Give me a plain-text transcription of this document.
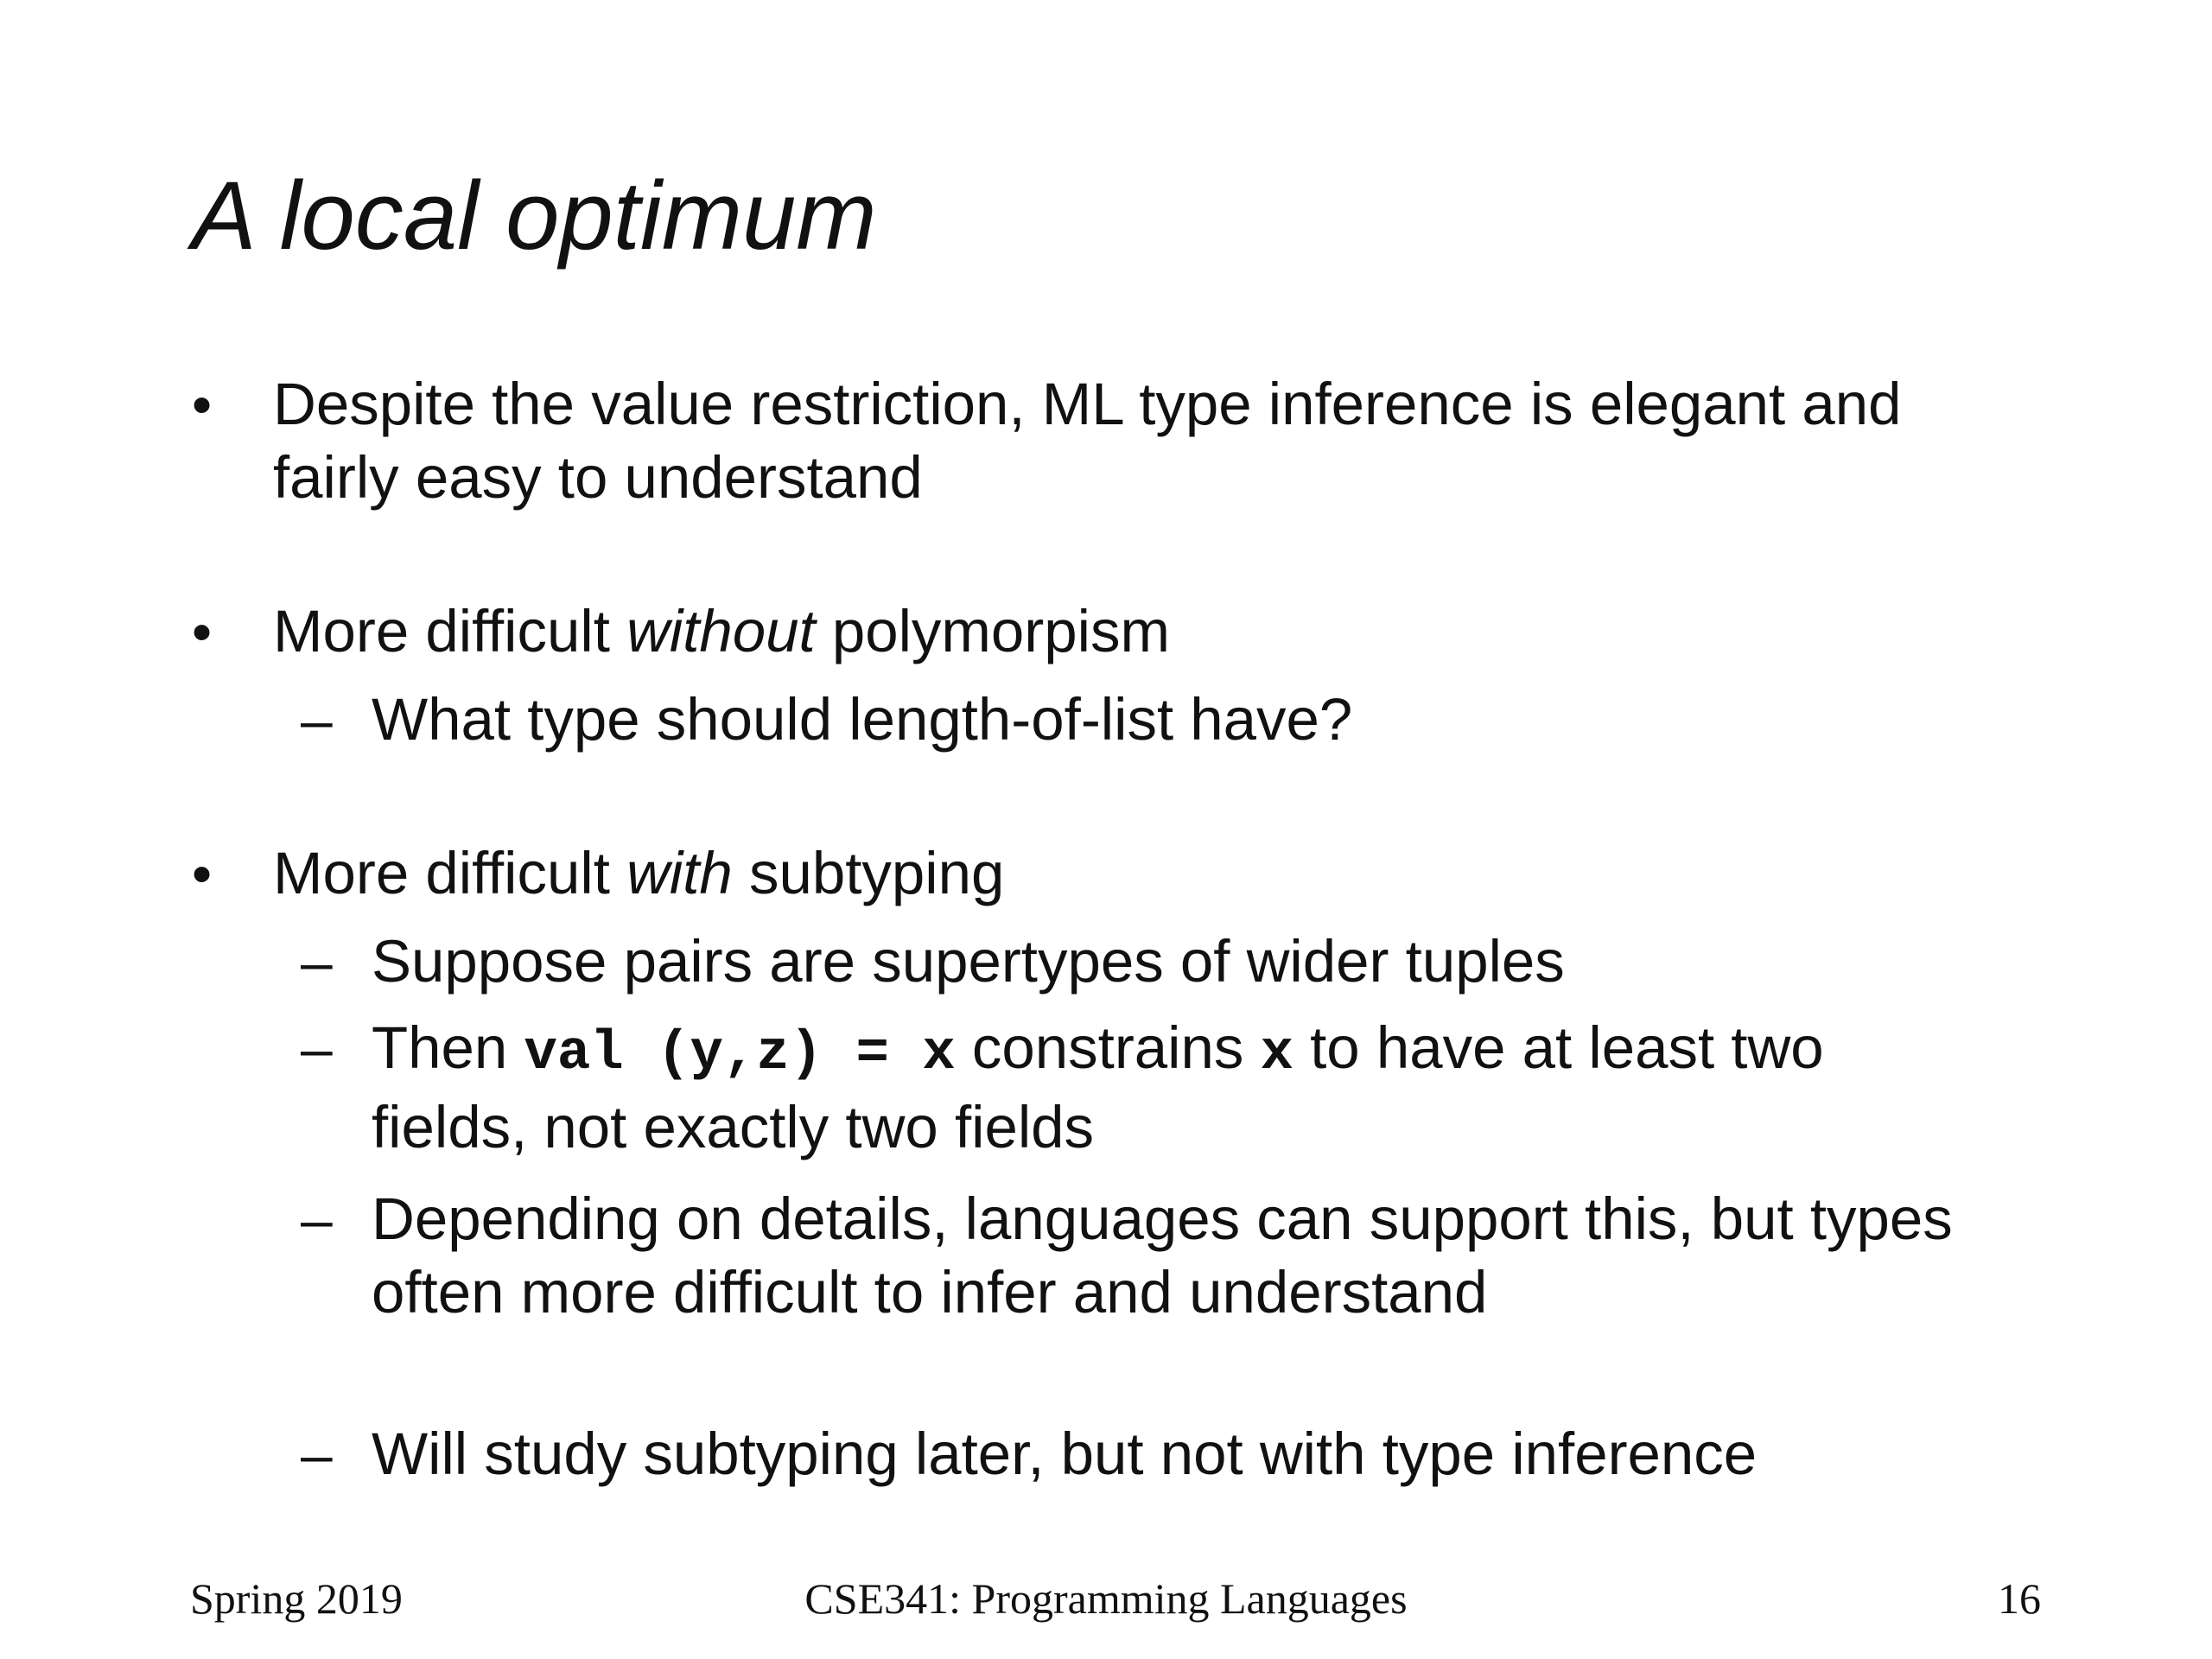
A local optimum
• Despite the value restriction, ML type inference is elegant and

fairly easy to understand

• More difficult without polymorpism

– What type should length-of-list have?

• More difficult with subtyping

– Suppose pairs are supertypes of wider tuples

– Then val (y,z) = x constrains x to have at least two

fields, not exactly two fields

– Depending on details, languages can support this, but types

often more difficult to infer and understand

– Will study subtyping later, but not with type inference

Spring 2019	CSE341: Programming Languages	16
